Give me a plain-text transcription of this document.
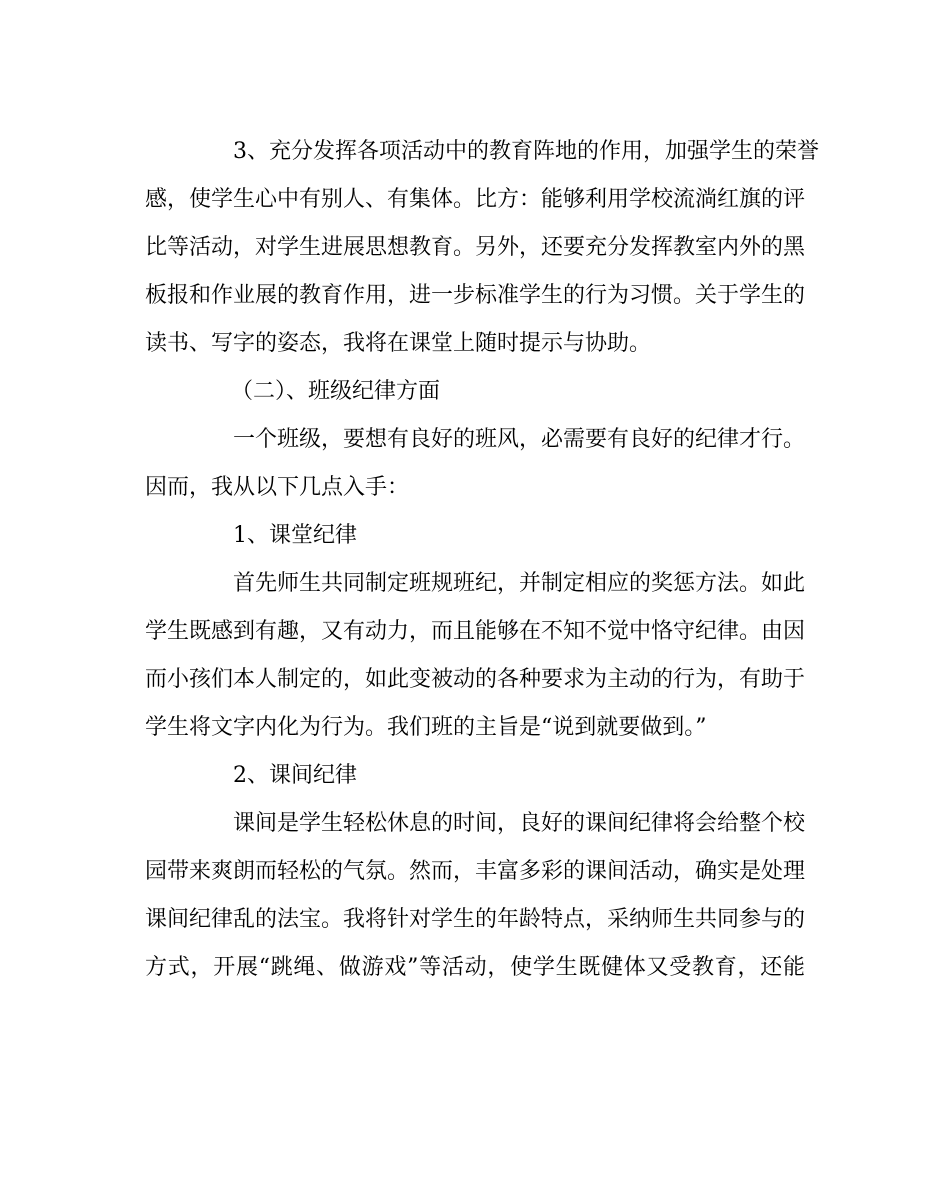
3、充分发挥各项活动中的教育阵地的作用，加强学生的荣誉
感，使学生心中有别人、有集体。比方：能够利用学校流淌红旗的评
比等活动，对学生进展思想教育。另外，还要充分发挥教室内外的黑
板报和作业展的教育作用，进一步标准学生的行为习惯。关于学生的
读书、写字的姿态，我将在课堂上随时提示与协助。
（二）、班级纪律方面
一个班级，要想有良好的班风，必需要有良好的纪律才行。
因而，我从以下几点入手：
1、课堂纪律
首先师生共同制定班规班纪，并制定相应的奖惩方法。如此
学生既感到有趣，又有动力，而且能够在不知不觉中恪守纪律。由因
而小孩们本人制定的，如此变被动的各种要求为主动的行为，有助于
学生将文字内化为行为。我们班的主旨是“说到就要做到。”
2、课间纪律
课间是学生轻松休息的时间，良好的课间纪律将会给整个校
园带来爽朗而轻松的气氛。然而，丰富多彩的课间活动，确实是处理
课间纪律乱的法宝。我将针对学生的年龄特点，采纳师生共同参与的
方式，开展“跳绳、做游戏”等活动，使学生既健体又受教育，还能
